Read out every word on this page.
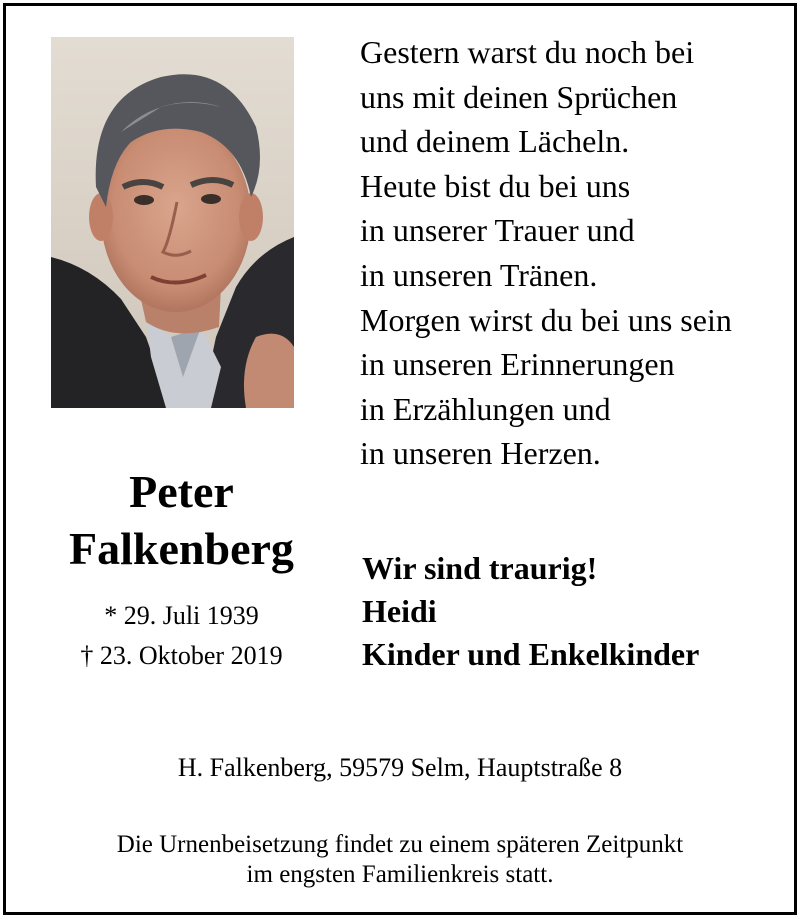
Gestern warst du noch bei
uns mit deinen Sprüchen
und deinem Lächeln.
Heute bist du bei uns
in unserer Trauer und
in unseren Tränen.
Morgen wirst du bei uns sein
in unseren Erinnerungen
in Erzählungen und
in unseren Herzen.
Peter
Falkenberg
* 29. Juli 1939
† 23. Oktober 2019
Wir sind traurig!
Heidi
Kinder und Enkelkinder
H. Falkenberg, 59579 Selm, Hauptstraße 8
Die Urnenbeisetzung findet zu einem späteren Zeitpunkt
im engsten Familienkreis statt.
